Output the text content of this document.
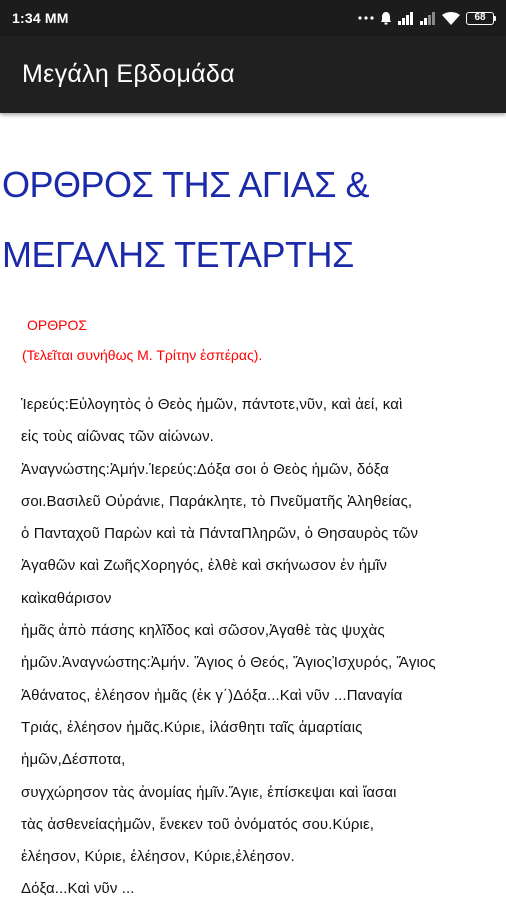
1:34 MM	68
Μεγάλη Εβδομάδα
ΟΡΘΡΟΣ ΤΗΣ ΑΓΙΑΣ &
ΜΕΓΑΛΗΣ ΤΕΤΑΡΤΗΣ
ΟΡΘΡΟΣ
(Τελεῖται συνήθως Μ. Τρίτην ἑσπέρας).
Ἱερεύς:Εὐλογητὸς ὁ Θεὸς ἡμῶν, πάντοτε,νῦν, καὶ ἀεί, καὶ
εἰς τοὺς αἰῶνας τῶν αἰώνων.
Ἀναγνώστης:Ἀμήν.Ἱερεύς:Δόξα σοι ὁ Θεὸς ἡμῶν, δόξα
σοι.Βασιλεῦ Οὐράνιε, Παράκλητε, τὸ Πνεῦματῆς Ἀληθείας,
ὁ Πανταχοῦ Παρὼν καὶ τὰ ΠάνταΠληρῶν, ὁ Θησαυρὸς τῶν
Ἀγαθῶν καὶ ΖωῆςΧορηγός, ἐλθὲ καὶ σκήνωσον ἐν ἡμῖν
καὶκαθάρισον
ἡμᾶς ἀπὸ πάσης κηλῖδος καὶ σῶσον,Ἀγαθὲ τὰς ψυχὰς
ἡμῶν.Ἀναγνώστης:Ἀμήν. Ἅγιος ὁ Θεός, ἍγιοςἸσχυρός, Ἅγιος
Ἀθάνατος, ἐλέησον ἡμᾶς (ἐκ γ΄)Δόξα...Καὶ νῦν ...Παναγία
Τριάς, ἐλέησον ἡμᾶς.Κύριε, ἱλάσθητι ταῖς ἁμαρτίαις
ἡμῶν,Δέσποτα,
συγχώρησον τὰς ἀνομίας ἡμῖν.Ἅγιε, ἐπίσκεψαι καὶ ἴασαι
τὰς ἀσθενείαςἡμῶν, ἕνεκεν τοῦ ὀνόματός σου.Κύριε,
ἐλέησον, Κύριε, ἐλέησον, Κύριε,ἐλέησον.
Δόξα...Καὶ νῦν ...
